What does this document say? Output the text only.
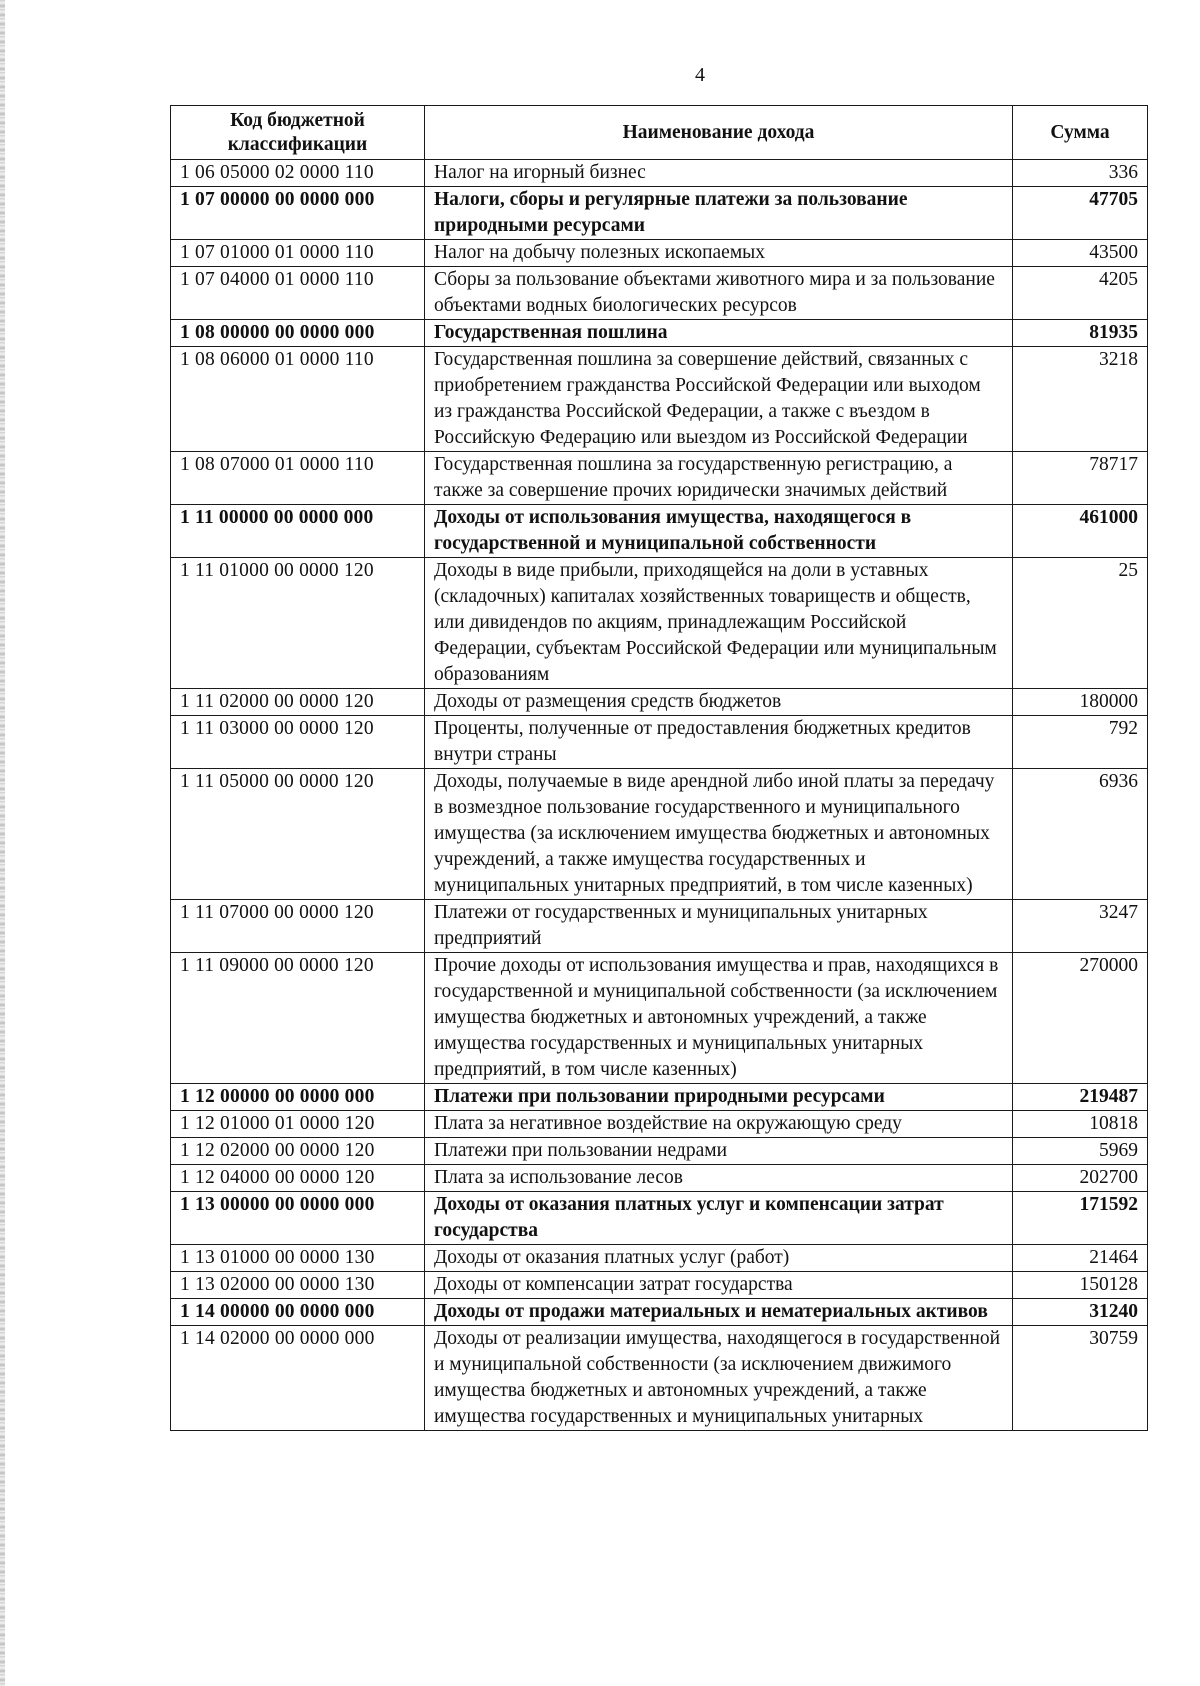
4
Код бюджетной классификации	Наименование дохода	Сумма
1 06 05000 02 0000 110	Налог на игорный бизнес	336
1 07 00000 00 0000 000	Налоги, сборы и регулярные платежи за пользование природными ресурсами	47705
1 07 01000 01 0000 110	Налог на добычу полезных ископаемых	43500
1 07 04000 01 0000 110	Сборы за пользование объектами животного мира и за пользование объектами водных биологических ресурсов	4205
1 08 00000 00 0000 000	Государственная пошлина	81935
1 08 06000 01 0000 110	Государственная пошлина за совершение действий, связанных с приобретением гражданства Российской Федерации или выходом из гражданства Российской Федерации, а также с въездом в Российскую Федерацию или выездом из Российской Федерации	3218
1 08 07000 01 0000 110	Государственная пошлина за государственную регистрацию, а также за совершение прочих юридически значимых действий	78717
1 11 00000 00 0000 000	Доходы от использования имущества, находящегося в государственной и муниципальной собственности	461000
1 11 01000 00 0000 120	Доходы в виде прибыли, приходящейся на доли в уставных (складочных) капиталах хозяйственных товариществ и обществ, или дивидендов по акциям, принадлежащим Российской Федерации, субъектам Российской Федерации или муниципальным образованиям	25
1 11 02000 00 0000 120	Доходы от размещения средств бюджетов	180000
1 11 03000 00 0000 120	Проценты, полученные от предоставления бюджетных кредитов внутри страны	792
1 11 05000 00 0000 120	Доходы, получаемые в виде арендной либо иной платы за передачу в возмездное пользование государственного и муниципального имущества (за исключением имущества бюджетных и автономных учреждений, а также имущества государственных и муниципальных унитарных предприятий, в том числе казенных)	6936
1 11 07000 00 0000 120	Платежи от государственных и муниципальных унитарных предприятий	3247
1 11 09000 00 0000 120	Прочие доходы от использования имущества и прав, находящихся в государственной и муниципальной собственности (за исключением имущества бюджетных и автономных учреждений, а также имущества государственных и муниципальных унитарных предприятий, в том числе казенных)	270000
1 12 00000 00 0000 000	Платежи при пользовании природными ресурсами	219487
1 12 01000 01 0000 120	Плата за негативное воздействие на окружающую среду	10818
1 12 02000 00 0000 120	Платежи при пользовании недрами	5969
1 12 04000 00 0000 120	Плата за использование лесов	202700
1 13 00000 00 0000 000	Доходы от оказания платных услуг и компенсации затрат государства	171592
1 13 01000 00 0000 130	Доходы от оказания платных услуг (работ)	21464
1 13 02000 00 0000 130	Доходы от компенсации затрат государства	150128
1 14 00000 00 0000 000	Доходы от продажи материальных и нематериальных активов	31240
1 14 02000 00 0000 000	Доходы от реализации имущества, находящегося в государственной и муниципальной собственности (за исключением движимого имущества бюджетных и автономных учреждений, а также имущества государственных и муниципальных унитарных	30759
